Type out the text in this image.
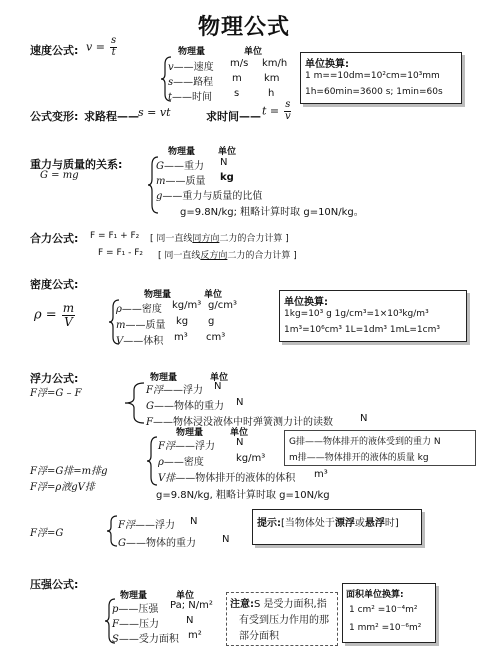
物理公式
速度公式: $v = \frac{s}{t}$	物理量	单位
v——速度 m/s km/h
s——路程 m km
t——时间 s	h
单位换算:
1 m==10dm=10²cm=10³mm
1h=60min=3600 s; 1min=60s
公式变形: 求路程—— s = vt	求时间—— $t = \frac{s}{v}$
重力与质量的关系:
G = mg
物理量	单位
G——重力 N
m——质量 kg
g——重力与质量的比值
g=9.8N/kg; 粗略计算时取 g=10N/kg。
合力公式: F = F₁ + F₂ [ 同一直线同方向二力的合力计算 ]
F = F₁ - F₂ [ 同一直线反方向二力的合力计算 ]
密度公式:
$\rho = \frac{m}{V}$
物理量	单位
ρ——密度 kg/m³ g/cm³
m——质量 kg g
V——体积 m³ cm³
单位换算:
1kg=10³ g 1g/cm³=1×10³kg/m³
1m³=10⁶cm³ 1L=1dm³ 1mL=1cm³
浮力公式:
F浮=G – F
物理量	单位
F浮——浮力 N
G——物体的重力 N
F——物体浸没液体中时弹簧测力计的读数	N
物理量	单位
F浮=G排=m排g
F浮=ρ液gV排
F浮——浮力 N
ρ——密度	kg/m³
V排——物体排开的液体的体积 m³
g=9.8N/kg, 粗略计算时取 g=10N/kg
G排——物体排开的液体受到的重力 N
m排——物体排开的液体的质量 kg
F浮=G
F浮——浮力 N
G——物体的重力	N
提示:[当物体处于漂浮或悬浮时]
压强公式:
物理量	单位
p——压强 Pa; N/m²
F——压力	N
S——受力面积 m²
注意:S 是受力面积,指
有受到压力作用的那
部分面积
面积单位换算:
1 cm² =10⁻⁴m²
1 mm² =10⁻⁶m²
